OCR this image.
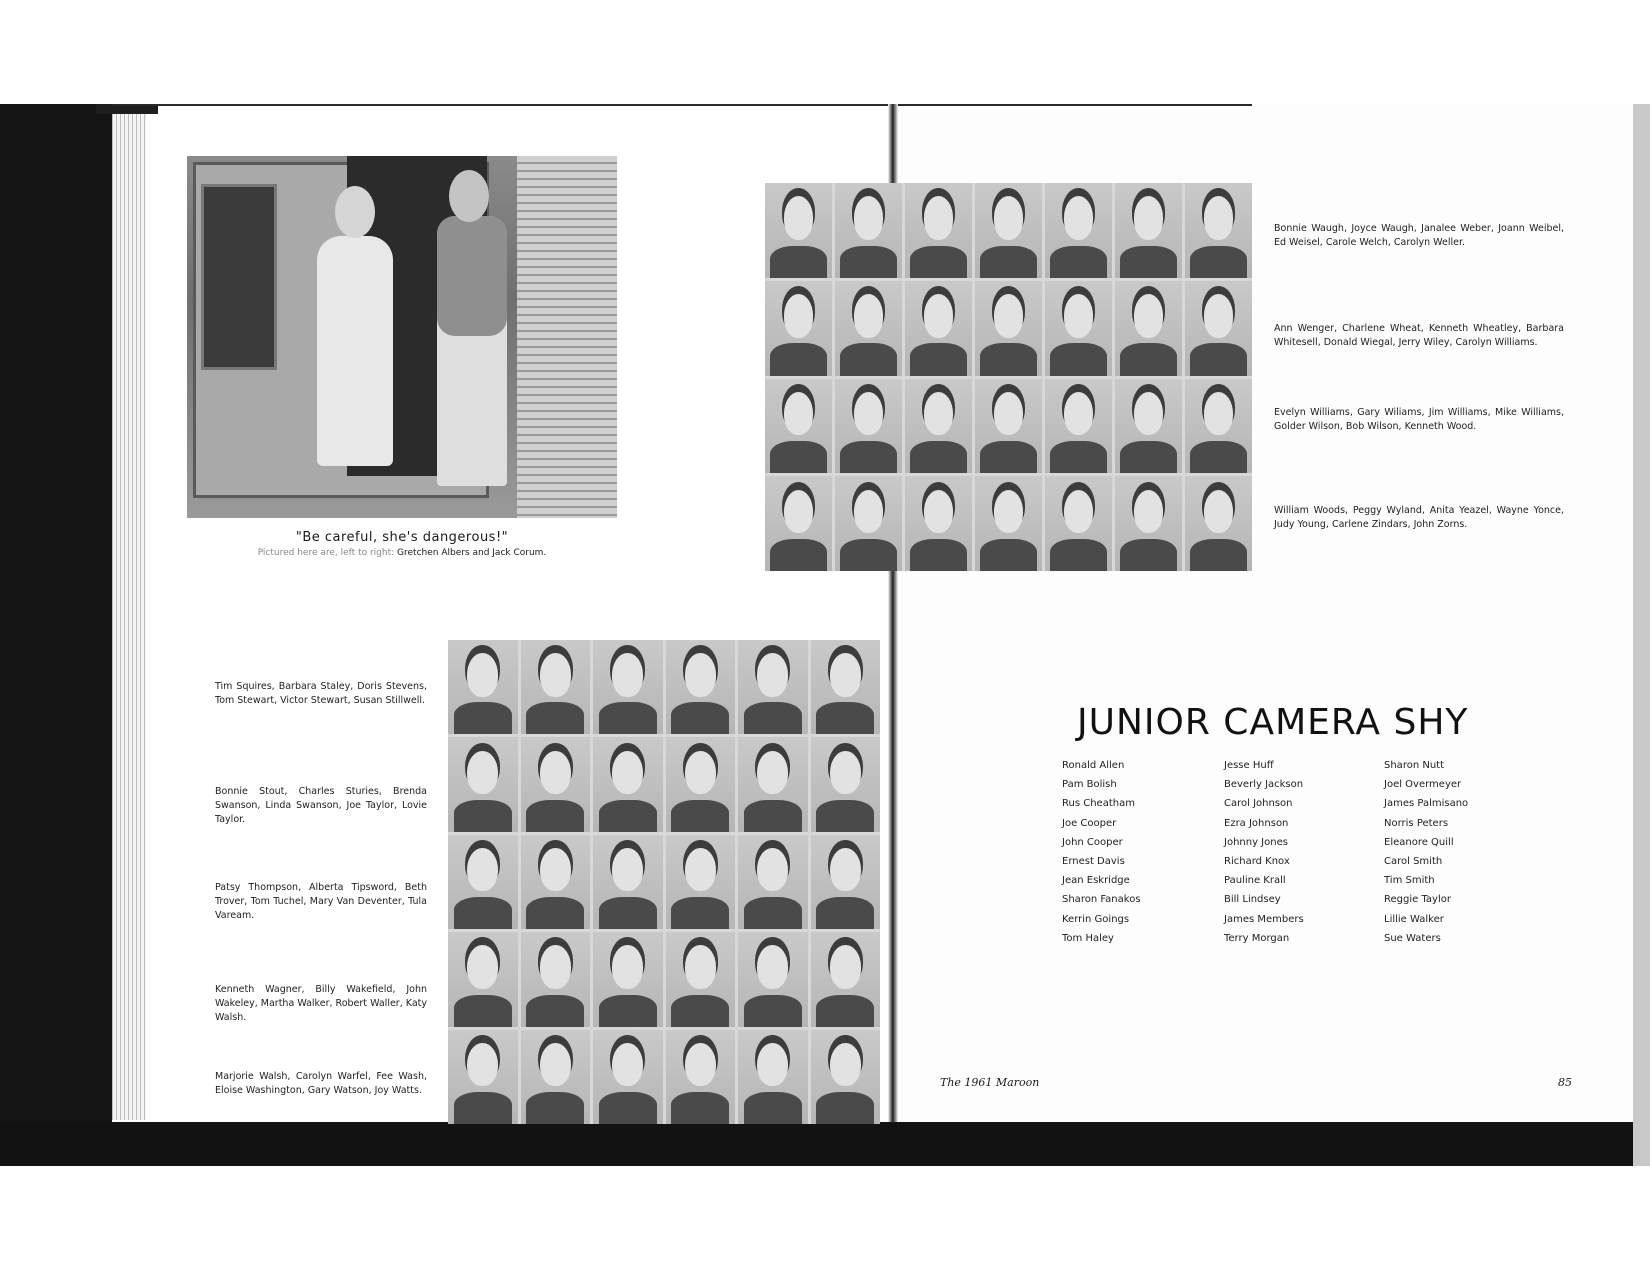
"Be careful, she's dangerous!"
Pictured here are, left to right: Gretchen Albers and Jack Corum.
Bonnie Waugh, Joyce Waugh, Janalee Weber, Joann Weibel, Ed Weisel, Carole Welch, Carolyn Weller.
Ann Wenger, Charlene Wheat, Kenneth Wheatley, Barbara Whitesell, Donald Wiegal, Jerry Wiley, Carolyn Williams.
Evelyn Williams, Gary Wiliams, Jim Williams, Mike Williams, Golder Wilson, Bob Wilson, Kenneth Wood.
William Woods, Peggy Wyland, Anita Yeazel, Wayne Yonce, Judy Young, Carlene Zindars, John Zorns.
Tim Squires, Barbara Staley, Doris Stevens, Tom Stewart, Victor Stewart, Susan Stillwell.
Bonnie Stout, Charles Sturies, Brenda Swanson, Linda Swanson, Joe Taylor, Lovie Taylor.
Patsy Thompson, Alberta Tipsword, Beth Trover, Tom Tuchel, Mary Van Deventer, Tula Vaream.
Kenneth Wagner, Billy Wakefield, John Wakeley, Martha Walker, Robert Waller, Katy Walsh.
Marjorie Walsh, Carolyn Warfel, Fee Wash, Eloise Washington, Gary Watson, Joy Watts.
JUNIOR CAMERA SHY
Ronald Allen
Pam Bolish
Rus Cheatham
Joe Cooper
John Cooper
Ernest Davis
Jean Eskridge
Sharon Fanakos
Kerrin Goings
Tom Haley
Jesse Huff
Beverly Jackson
Carol Johnson
Ezra Johnson
Johnny Jones
Richard Knox
Pauline Krall
Bill Lindsey
James Members
Terry Morgan
Sharon Nutt
Joel Overmeyer
James Palmisano
Norris Peters
Eleanore Quill
Carol Smith
Tim Smith
Reggie Taylor
Lillie Walker
Sue Waters
The 1961 Maroon	85
